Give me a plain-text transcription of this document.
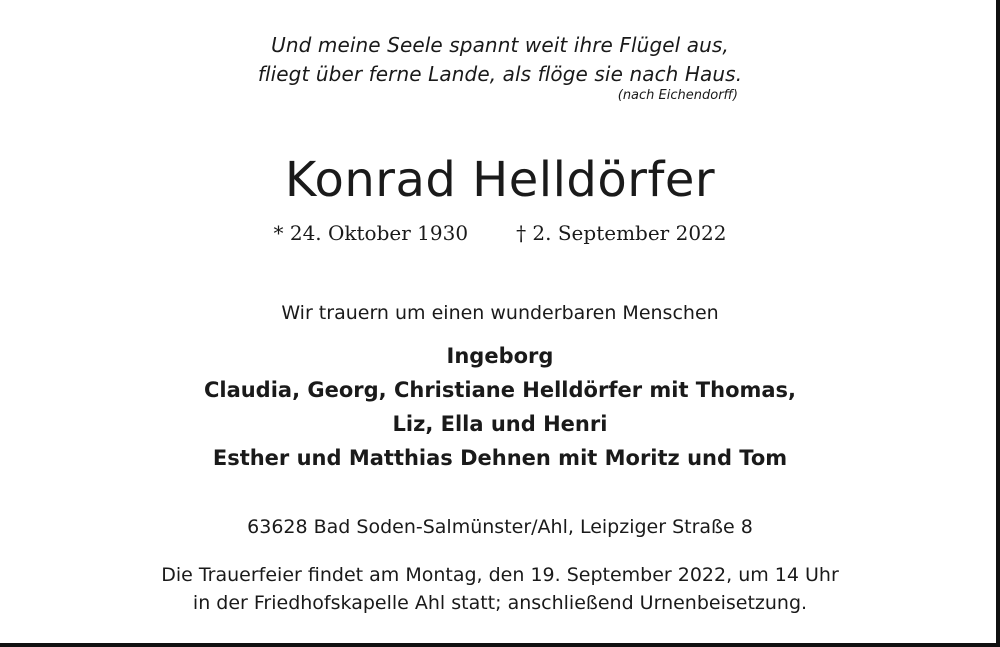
Und meine Seele spannt weit ihre Flügel aus,
fliegt über ferne Lande, als flöge sie nach Haus.
(nach Eichendorff)
Konrad Helldörfer
* 24. Oktober 1930 † 2. September 2022
Wir trauern um einen wunderbaren Menschen
Ingeborg
Claudia, Georg, Christiane Helldörfer mit Thomas,
Liz, Ella und Henri
Esther und Matthias Dehnen mit Moritz und Tom
63628 Bad Soden-Salmünster/Ahl, Leipziger Straße 8
Die Trauerfeier findet am Montag, den 19. September 2022, um 14 Uhr
in der Friedhofskapelle Ahl statt; anschließend Urnenbeisetzung.
